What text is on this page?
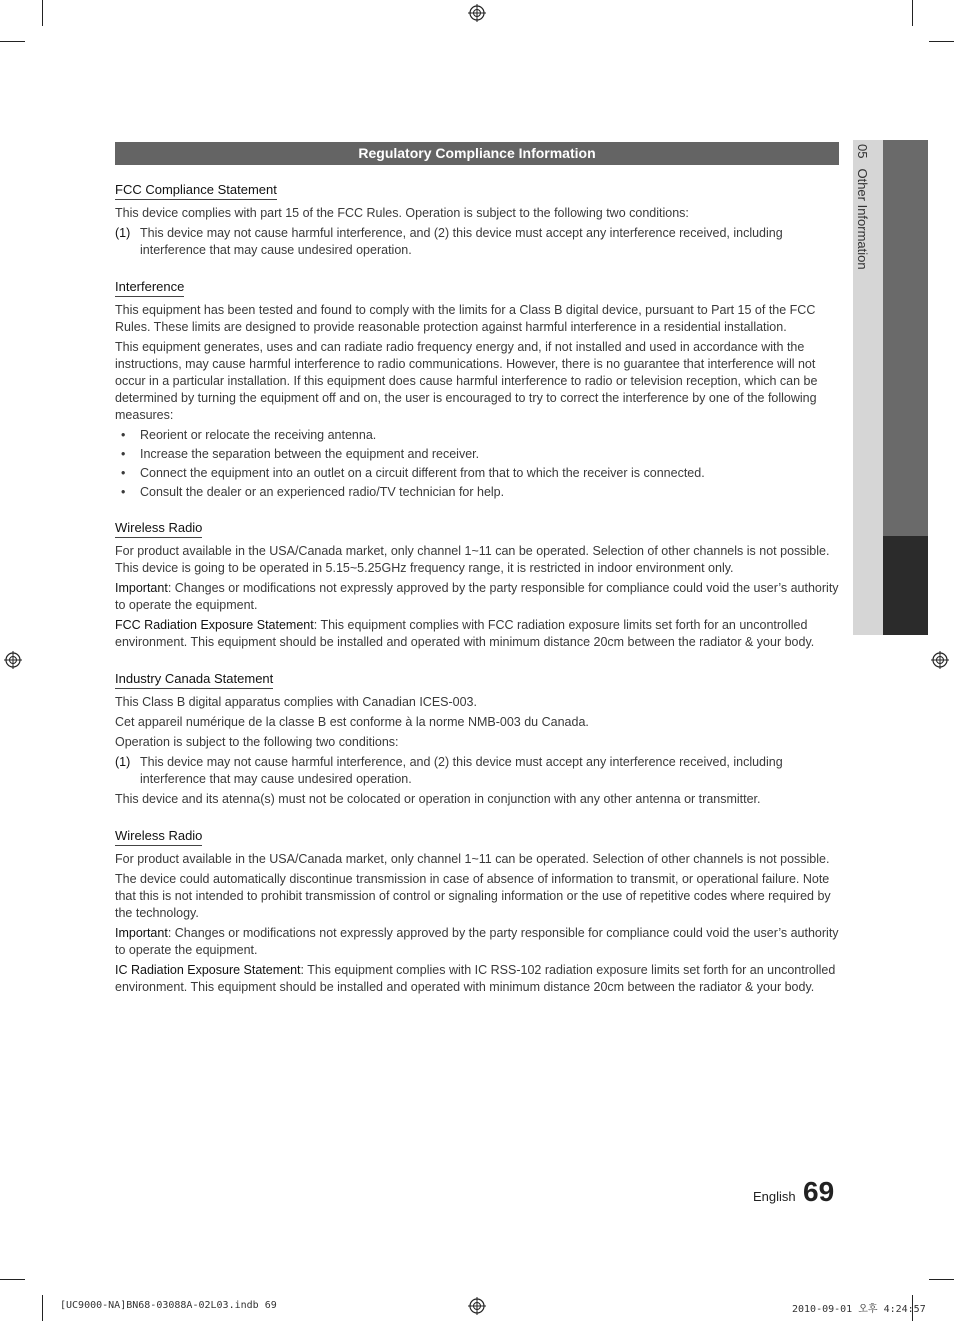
05Other Information
Regulatory Compliance Information
FCC Compliance Statement

This device complies with part 15 of the FCC Rules. Operation is subject to the following two conditions:

(1) This device may not cause harmful interference, and (2) this device must accept any interference received, including interference that may cause undesired operation.
Interference

This equipment has been tested and found to comply with the limits for a Class B digital device, pursuant to Part 15 of the FCC Rules. These limits are designed to provide reasonable protection against harmful interference in a residential installation.

This equipment generates, uses and can radiate radio frequency energy and, if not installed and used in accordance with the instructions, may cause harmful interference to radio communications. However, there is no guarantee that interference will not occur in a particular installation. If this equipment does cause harmful interference to radio or television reception, which can be determined by turning the equipment off and on, the user is encouraged to try to correct the interference by one of the following measures:

• Reorient or relocate the receiving antenna.
• Increase the separation between the equipment and receiver.
• Connect the equipment into an outlet on a circuit different from that to which the receiver is connected.
• Consult the dealer or an experienced radio/TV technician for help.
Wireless Radio

For product available in the USA/Canada market, only channel 1~11 can be operated. Selection of other channels is not possible. This device is going to be operated in 5.15~5.25GHz frequency range, it is restricted in indoor environment only.

Important: Changes or modifications not expressly approved by the party responsible for compliance could void the user’s authority to operate the equipment.

FCC Radiation Exposure Statement: This equipment complies with FCC radiation exposure limits set forth for an uncontrolled environment. This equipment should be installed and operated with minimum distance 20cm between the radiator & your body.

Industry Canada Statement

This Class B digital apparatus complies with Canadian ICES-003.

Cet appareil numérique de la classe B est conforme à la norme NMB-003 du Canada.

Operation is subject to the following two conditions:

(1) This device may not cause harmful interference, and (2) this device must accept any interference received, including interference that may cause undesired operation.

This device and its atenna(s) must not be colocated or operation in conjunction with any other antenna or transmitter.

Wireless Radio

For product available in the USA/Canada market, only channel 1~11 can be operated. Selection of other channels is not possible.

The device could automatically discontinue transmission in case of absence of information to transmit, or operational failure. Note that this is not intended to prohibit transmission of control or signaling information or the use of repetitive codes where required by the technology.

Important: Changes or modifications not expressly approved by the party responsible for compliance could void the user’s authority to operate the equipment.

IC Radiation Exposure Statement: This equipment complies with IC RSS-102 radiation exposure limits set forth for an uncontrolled environment. This equipment should be installed and operated with minimum distance 20cm between the radiator & your body.

English 69
[UC9000-NA]BN68-03088A-02L03.indb 69	2010-09-01 오후 4:24:57
